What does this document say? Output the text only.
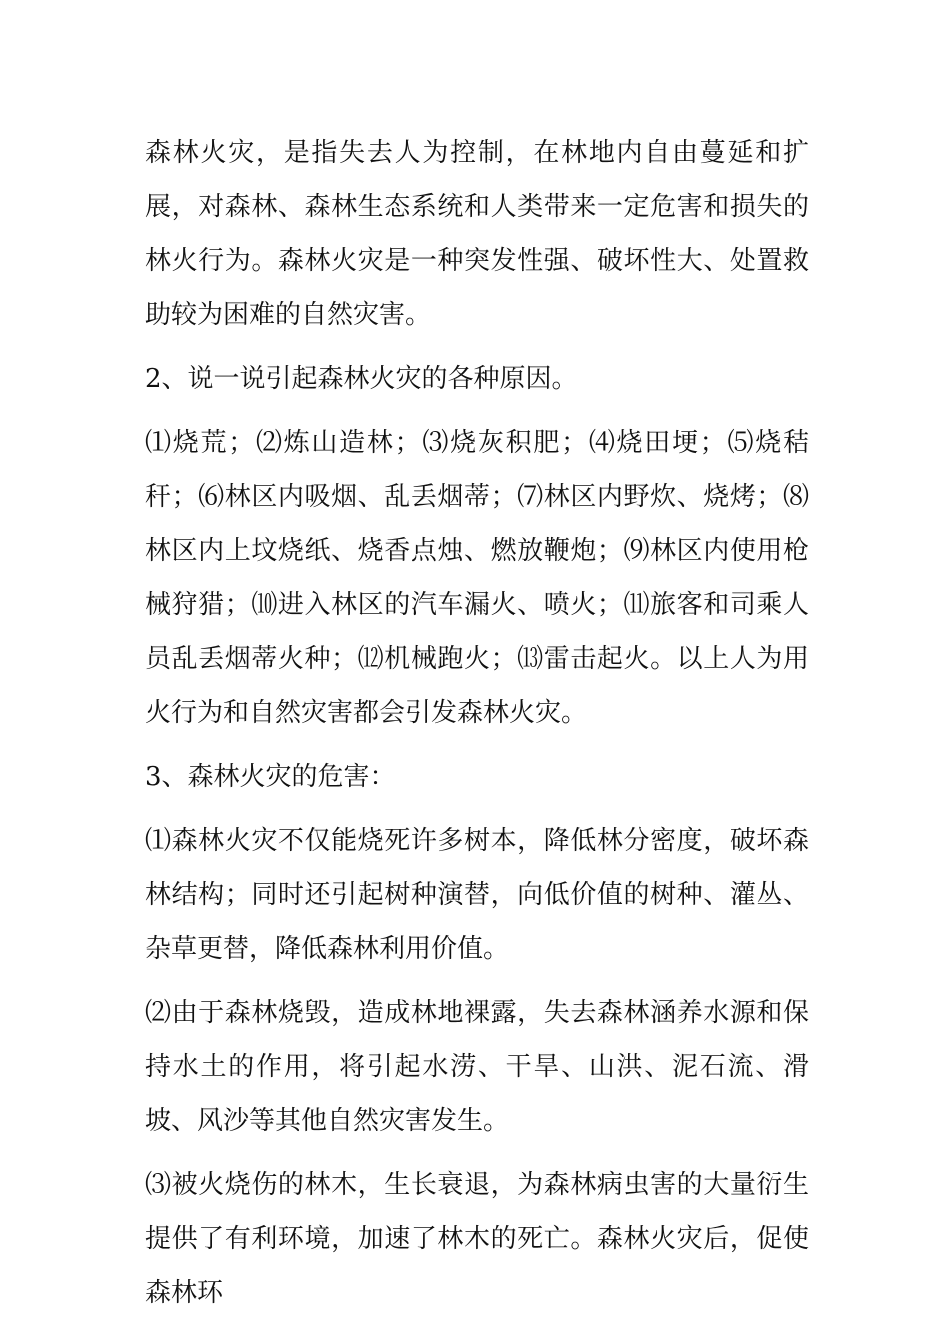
森林火灾，是指失去人为控制，在林地内自由蔓延和扩展，对森林、森林生态系统和人类带来一定危害和损失的林火行为。森林火灾是一种突发性强、破坏性大、处置救助较为困难的自然灾害。

2、说一说引起森林火灾的各种原因。

⑴烧荒；⑵炼山造林；⑶烧灰积肥；⑷烧田埂；⑸烧秸秆；⑹林区内吸烟、乱丢烟蒂；⑺林区内野炊、烧烤；⑻林区内上坟烧纸、烧香点烛、燃放鞭炮；⑼林区内使用枪械狩猎；⑽进入林区的汽车漏火、喷火；⑾旅客和司乘人员乱丢烟蒂火种；⑿机械跑火；⒀雷击起火。以上人为用火行为和自然灾害都会引发森林火灾。

3、森林火灾的危害：

⑴森林火灾不仅能烧死许多树本，降低林分密度，破坏森林结构；同时还引起树种演替，向低价值的树种、灌丛、杂草更替，降低森林利用价值。

⑵由于森林烧毁，造成林地裸露，失去森林涵养水源和保持水土的作用，将引起水涝、干旱、山洪、泥石流、滑坡、风沙等其他自然灾害发生。

⑶被火烧伤的林木，生长衰退，为森林病虫害的大量衍生提供了有利环境，加速了林木的死亡。森林火灾后，促使森林环
